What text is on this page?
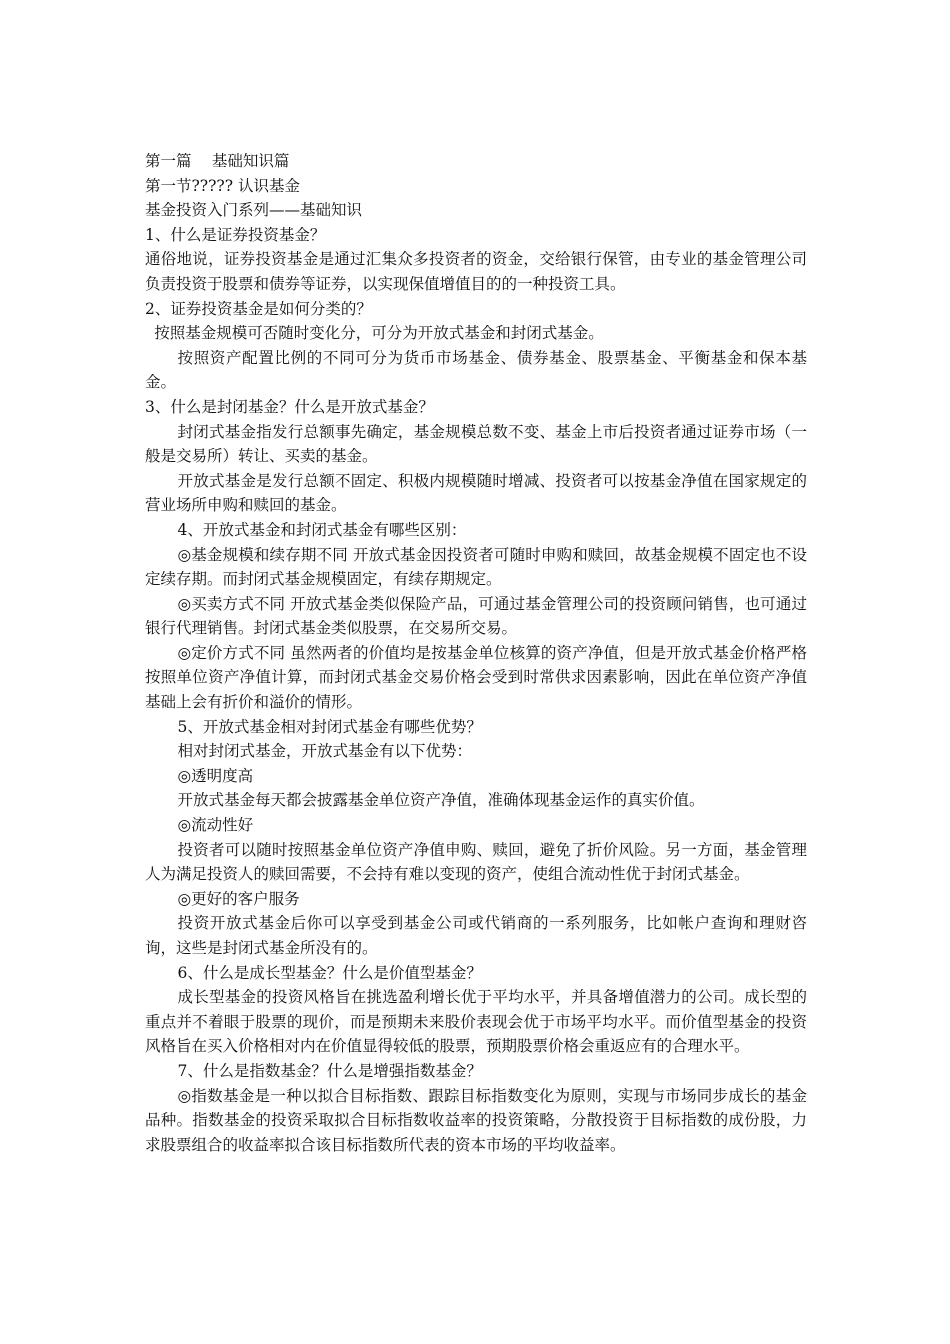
第一篇　 基础知识篇

第一节????? 认识基金

基金投资入门系列——基础知识

1、什么是证券投资基金？

通俗地说，证券投资基金是通过汇集众多投资者的资金，交给银行保管，由专业的基金管理公司负责投资于股票和债券等证券，以实现保值增值目的的一种投资工具。

2、证券投资基金是如何分类的？

按照基金规模可否随时变化分，可分为开放式基金和封闭式基金。

按照资产配置比例的不同可分为货币市场基金、债券基金、股票基金、平衡基金和保本基金。

3、什么是封闭基金？什么是开放式基金？

封闭式基金指发行总额事先确定，基金规模总数不变、基金上市后投资者通过证券市场（一般是交易所）转让、买卖的基金。

开放式基金是发行总额不固定、积极内规模随时增减、投资者可以按基金净值在国家规定的营业场所申购和赎回的基金。

4、开放式基金和封闭式基金有哪些区别：

◎基金规模和续存期不同 开放式基金因投资者可随时申购和赎回，故基金规模不固定也不设定续存期。而封闭式基金规模固定，有续存期规定。

◎买卖方式不同 开放式基金类似保险产品，可通过基金管理公司的投资顾问销售，也可通过银行代理销售。封闭式基金类似股票，在交易所交易。

◎定价方式不同 虽然两者的价值均是按基金单位核算的资产净值，但是开放式基金价格严格按照单位资产净值计算，而封闭式基金交易价格会受到时常供求因素影响，因此在单位资产净值基础上会有折价和溢价的情形。

5、开放式基金相对封闭式基金有哪些优势？

相对封闭式基金，开放式基金有以下优势：

◎透明度高

开放式基金每天都会披露基金单位资产净值，准确体现基金运作的真实价值。

◎流动性好

投资者可以随时按照基金单位资产净值申购、赎回，避免了折价风险。另一方面，基金管理人为满足投资人的赎回需要，不会持有难以变现的资产，使组合流动性优于封闭式基金。

◎更好的客户服务

投资开放式基金后你可以享受到基金公司或代销商的一系列服务，比如帐户查询和理财咨询，这些是封闭式基金所没有的。

6、什么是成长型基金？什么是价值型基金？

成长型基金的投资风格旨在挑选盈利增长优于平均水平，并具备增值潜力的公司。成长型的重点并不着眼于股票的现价，而是预期未来股价表现会优于市场平均水平。而价值型基金的投资风格旨在买入价格相对内在价值显得较低的股票，预期股票价格会重返应有的合理水平。

7、什么是指数基金？什么是增强指数基金？

◎指数基金是一种以拟合目标指数、跟踪目标指数变化为原则，实现与市场同步成长的基金品种。指数基金的投资采取拟合目标指数收益率的投资策略，分散投资于目标指数的成份股，力求股票组合的收益率拟合该目标指数所代表的资本市场的平均收益率。
